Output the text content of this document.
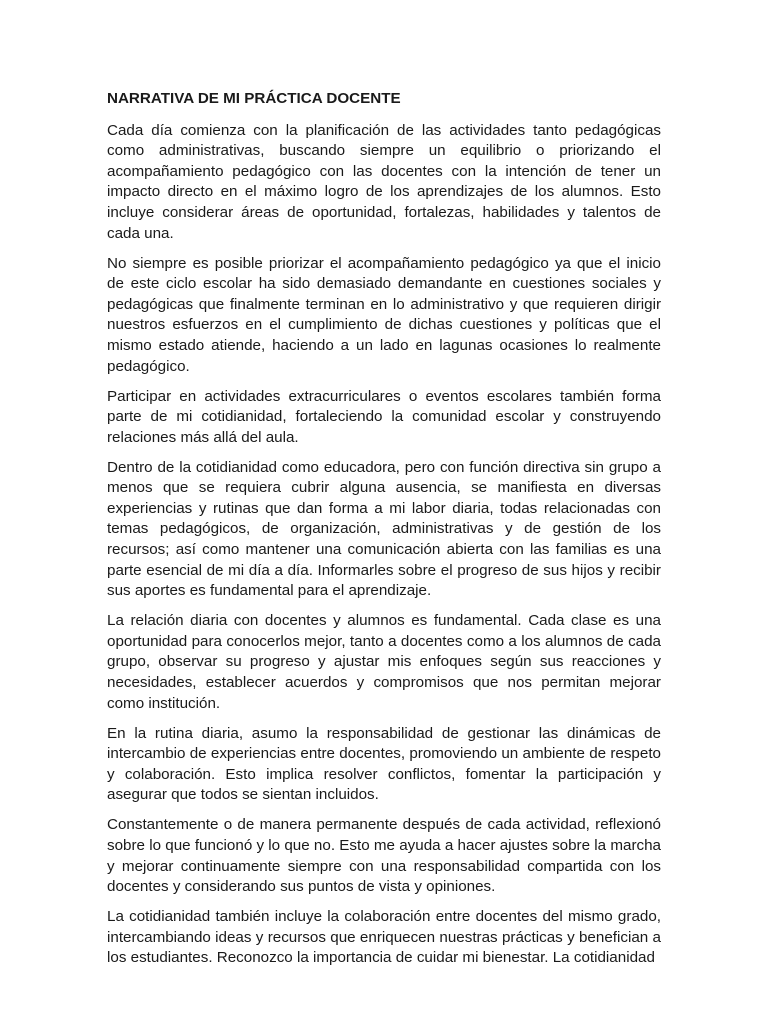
NARRATIVA DE MI PRÁCTICA DOCENTE

Cada día comienza con la planificación de las actividades tanto pedagógicas como administrativas, buscando siempre un equilibrio o priorizando el acompañamiento pedagógico con las docentes con la intención de tener un impacto directo en el máximo logro de los aprendizajes de los alumnos. Esto incluye considerar áreas de oportunidad, fortalezas, habilidades y talentos de cada una.

No siempre es posible priorizar el acompañamiento pedagógico ya que el inicio de este ciclo escolar ha sido demasiado demandante en cuestiones sociales y pedagógicas que finalmente terminan en lo administrativo y que requieren dirigir nuestros esfuerzos en el cumplimiento de dichas cuestiones y políticas que el mismo estado atiende, haciendo a un lado en lagunas ocasiones lo realmente pedagógico.

Participar en actividades extracurriculares o eventos escolares también forma parte de mi cotidianidad, fortaleciendo la comunidad escolar y construyendo relaciones más allá del aula.

Dentro de la cotidianidad como educadora, pero con función directiva sin grupo a menos que se requiera cubrir alguna ausencia, se manifiesta en diversas experiencias y rutinas que dan forma a mi labor diaria, todas relacionadas con temas pedagógicos, de organización, administrativas y de gestión de los recursos; así como mantener una comunicación abierta con las familias es una parte esencial de mi día a día. Informarles sobre el progreso de sus hijos y recibir sus aportes es fundamental para el aprendizaje.

La relación diaria con docentes y alumnos es fundamental. Cada clase es una oportunidad para conocerlos mejor, tanto a docentes como a los alumnos de cada grupo, observar su progreso y ajustar mis enfoques según sus reacciones y necesidades, establecer acuerdos y compromisos que nos permitan mejorar como institución.

En la rutina diaria, asumo la responsabilidad de gestionar las dinámicas de intercambio de experiencias entre docentes, promoviendo un ambiente de respeto y colaboración. Esto implica resolver conflictos, fomentar la participación y asegurar que todos se sientan incluidos.

Constantemente o de manera permanente después de cada actividad, reflexionó sobre lo que funcionó y lo que no. Esto me ayuda a hacer ajustes sobre la marcha y mejorar continuamente siempre con una responsabilidad compartida con los docentes y considerando sus puntos de vista y opiniones.

La cotidianidad también incluye la colaboración entre docentes del mismo grado, intercambiando ideas y recursos que enriquecen nuestras prácticas y benefician a los estudiantes. Reconozco la importancia de cuidar mi bienestar. La cotidianidad
